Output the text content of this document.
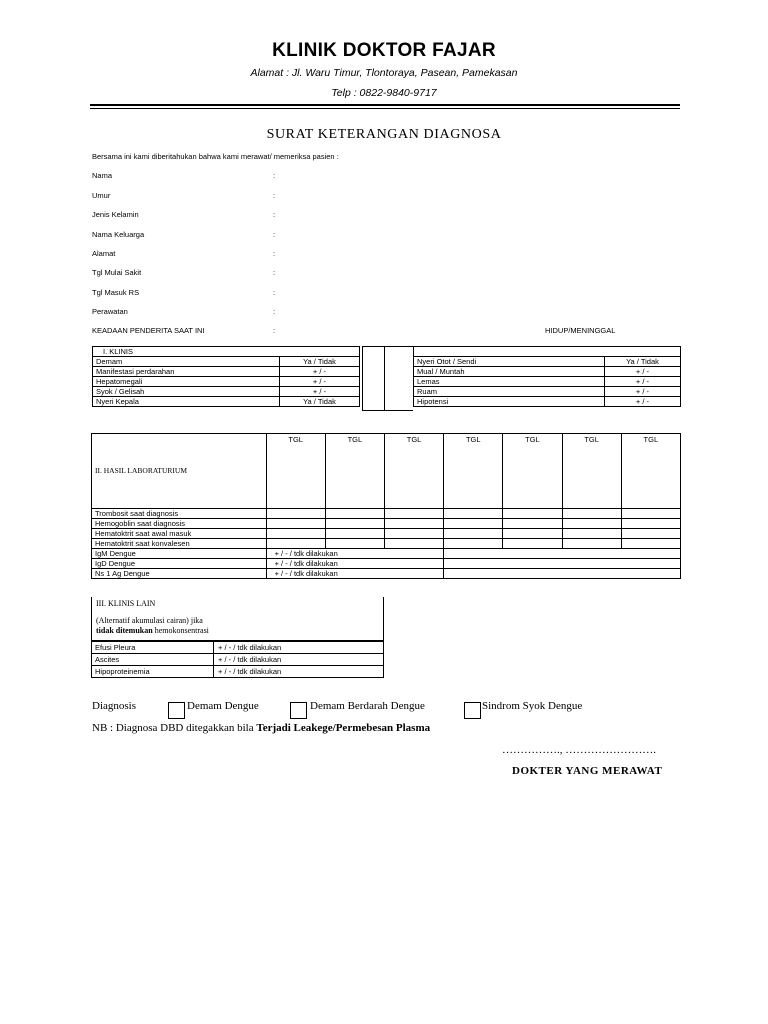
KLINIK DOKTOR FAJAR
Alamat : Jl. Waru Timur, Tlontoraya, Pasean, Pamekasan
Telp : 0822-9840-9717
SURAT KETERANGAN DIAGNOSA
Bersama ini kami diberitahukan bahwa kami merawat/ memeriksa pasien :
Nama	:
Umur	:
Jenis Kelamin	:
Nama Keluarga	:
Alamat	:
Tgl Mulai Sakit	:
Tgl Masuk RS	:
Perawatan	:
KEADAAN PENDERITA SAAT INI	:	HIDUP/MENINGGAL
I. KLINIS	
Demam	Ya / Tidak
Manifestasi perdarahan	+ / -
Hepatomegali	+ / -
Syok / Gelisah	+ / -
Nyeri Kepala	Ya / Tidak

Nyeri Otot / Sendi	Ya / Tidak
Mual / Muntah	+ / -
Lemas	+ / -
Ruam	+ / -
Hipotensi	+ / -
II. HASIL LABORATURIUM	TGL	TGL	TGL	TGL	TGL	TGL	TGL
Trombosit saat diagnosis							
Hemogoblin saat diagnosis							
Hematoktrit saat awal masuk							
Hematoktrit saat konvalesen							
IgM Dengue	+ / - / tdk dilakukan						
IgD Dengue	+ / - / tdk dilakukan						
Ns 1 Ag Dengue	+ / - / tdk dilakukan						
III. KLINIS LAIN
(Alternatif akumulasi cairan) jika
tidak ditemukan hemokonsentrasi
Efusi Pleura	+ / - / tdk dilakukan
Ascites	+ / - / tdk dilakukan
Hipoproteinemia	+ / - / tdk dilakukan
Diagnosis	Demam Dengue	Demam Berdarah Dengue	Sindrom Syok Dengue
NB : Diagnosa DBD ditegakkan bila Terjadi Leakege/Permebesan Plasma
……………., …………………….
DOKTER YANG MERAWAT
